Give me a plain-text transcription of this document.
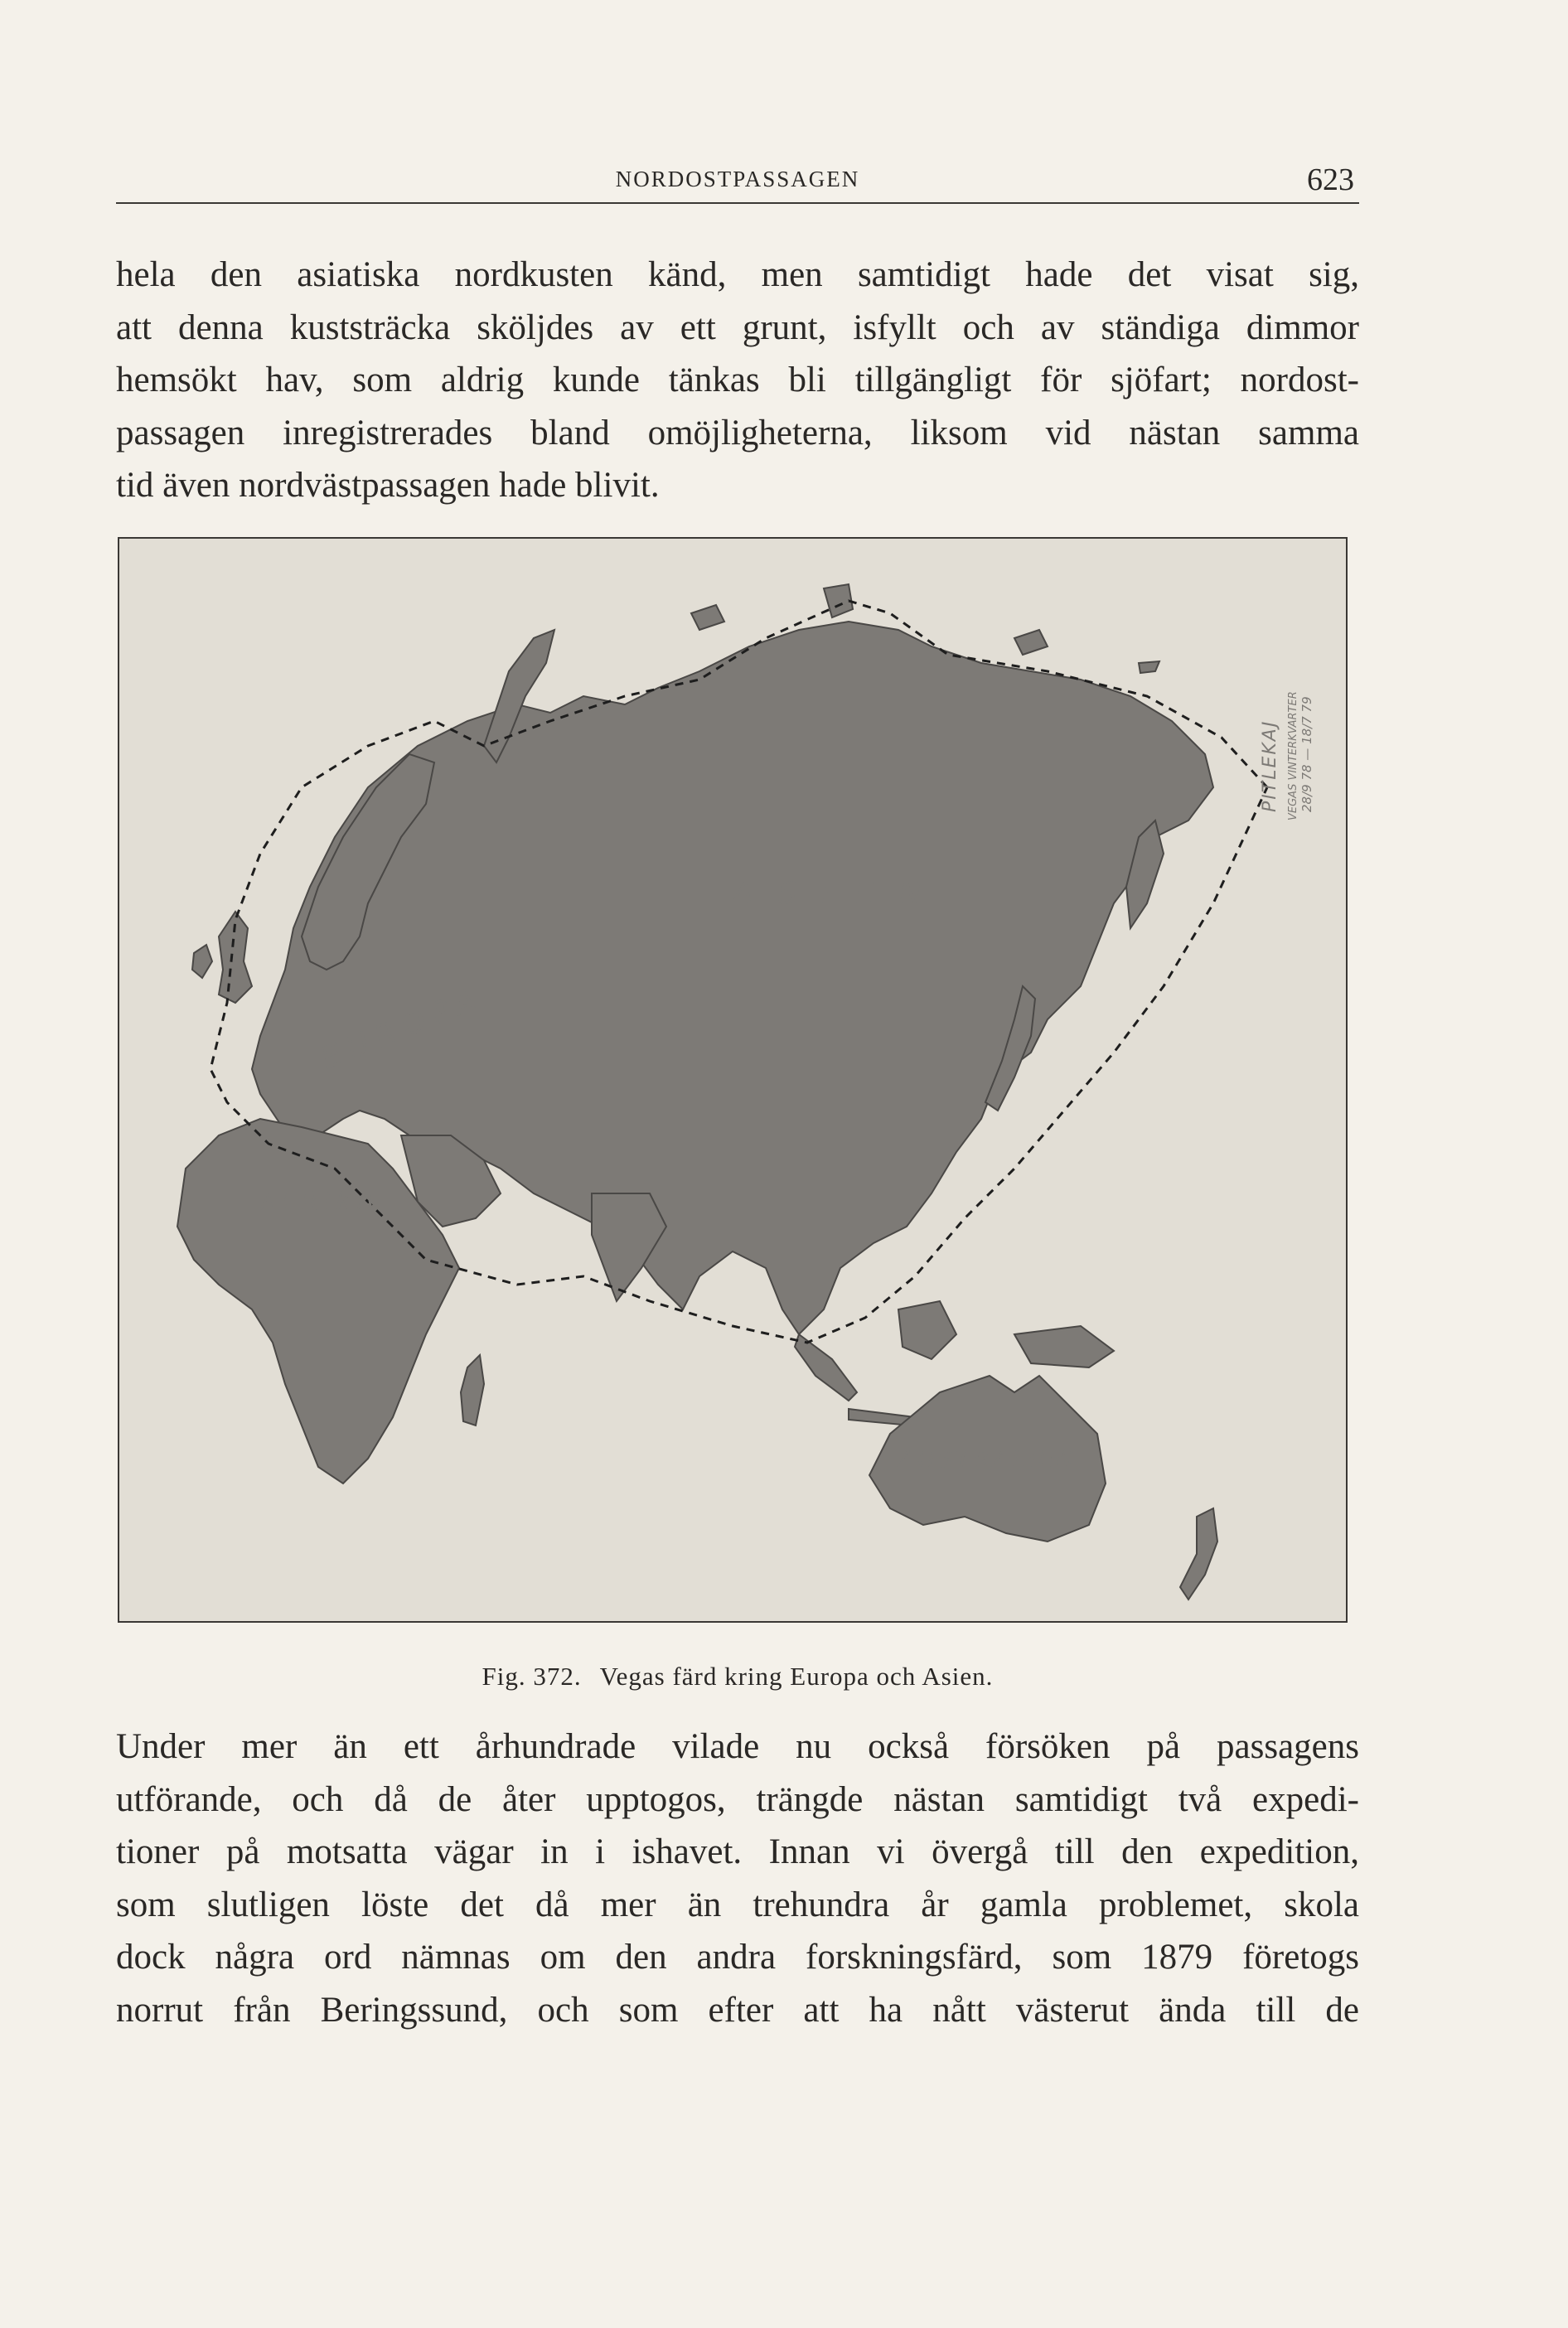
NORDOSTPASSAGEN	623

hela den asiatiska nordkusten känd, men samtidigt hade det visat sig,
att denna kuststräcka sköljdes av ett grunt, isfyllt och av ständiga dimmor
hemsökt hav, som aldrig kunde tänkas bli tillgängligt för sjöfart; nordost-
passagen inregistrerades bland omöjligheterna, liksom vid nästan samma
tid även nordvästpassagen hade blivit.

EUROPA
ASIEN
AFRIKA
AUSTRALIEN
PITLEKAJ VEGAS VINTERKVARTER 28/9 78 — 18/7 79
Fig. 372. Vegas färd kring Europa och Asien.

Under mer än ett århundrade vilade nu också försöken på passagens
utförande, och då de åter upptogos, trängde nästan samtidigt två expedi-
tioner på motsatta vägar in i ishavet. Innan vi övergå till den expedition,
som slutligen löste det då mer än trehundra år gamla problemet, skola
dock några ord nämnas om den andra forskningsfärd, som 1879 företogs
norrut från Beringssund, och som efter att ha nått västerut ända till de
